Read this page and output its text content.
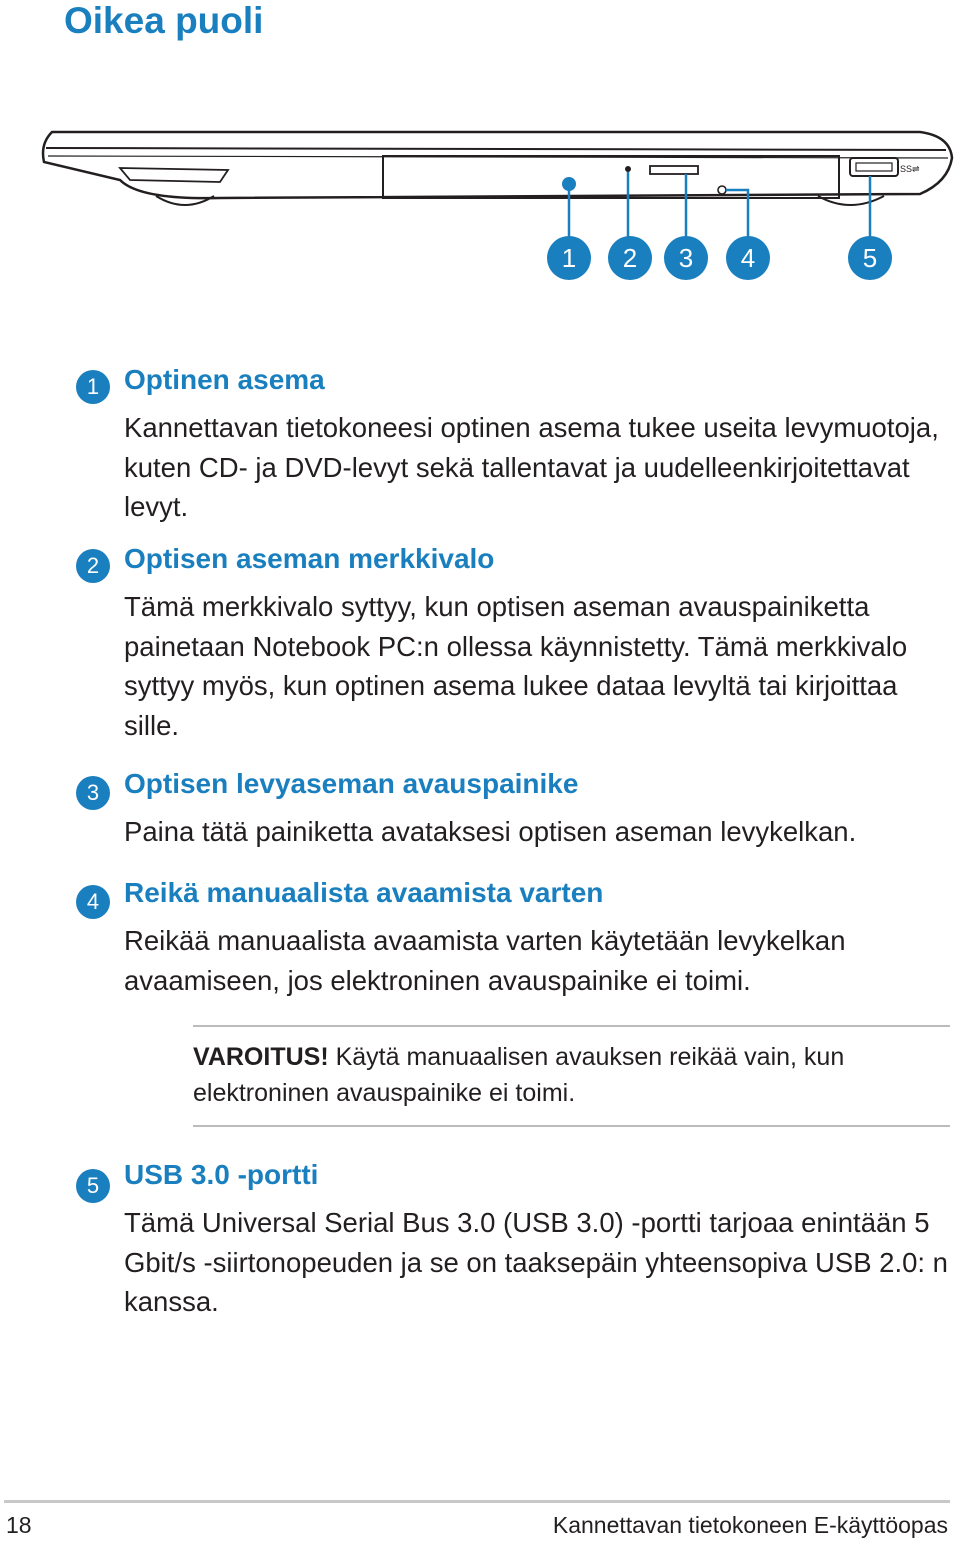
Oikea puoli
SS⇌
1 2 3 4	5
1 Optinen asema

Kannettavan tietokoneesi optinen asema tukee useita levymuotoja, kuten CD- ja DVD-levyt sekä tallentavat ja uudelleenkirjoitettavat levyt.

2 Optisen aseman merkkivalo

Tämä merkkivalo syttyy, kun optisen aseman avauspainiketta painetaan Notebook PC:n ollessa käynnistetty. Tämä merkkivalo syttyy myös, kun optinen asema lukee dataa levyltä tai kirjoittaa sille.

3 Optisen levyaseman avauspainike

Paina tätä painiketta avataksesi optisen aseman levykelkan.

4 Reikä manuaalista avaamista varten

Reikää manuaalista avaamista varten käytetään levykelkan avaamiseen, jos elektroninen avauspainike ei toimi.

VAROITUS! Käytä manuaalisen avauksen reikää vain, kun elektroninen avauspainike ei toimi.
5 USB 3.0 -portti

Tämä Universal Serial Bus 3.0 (USB 3.0) -portti tarjoaa enintään 5 Gbit/s -siirtonopeuden ja se on taaksepäin yhteensopiva USB 2.0: n kanssa.

18	Kannettavan tietokoneen E-käyttöopas
